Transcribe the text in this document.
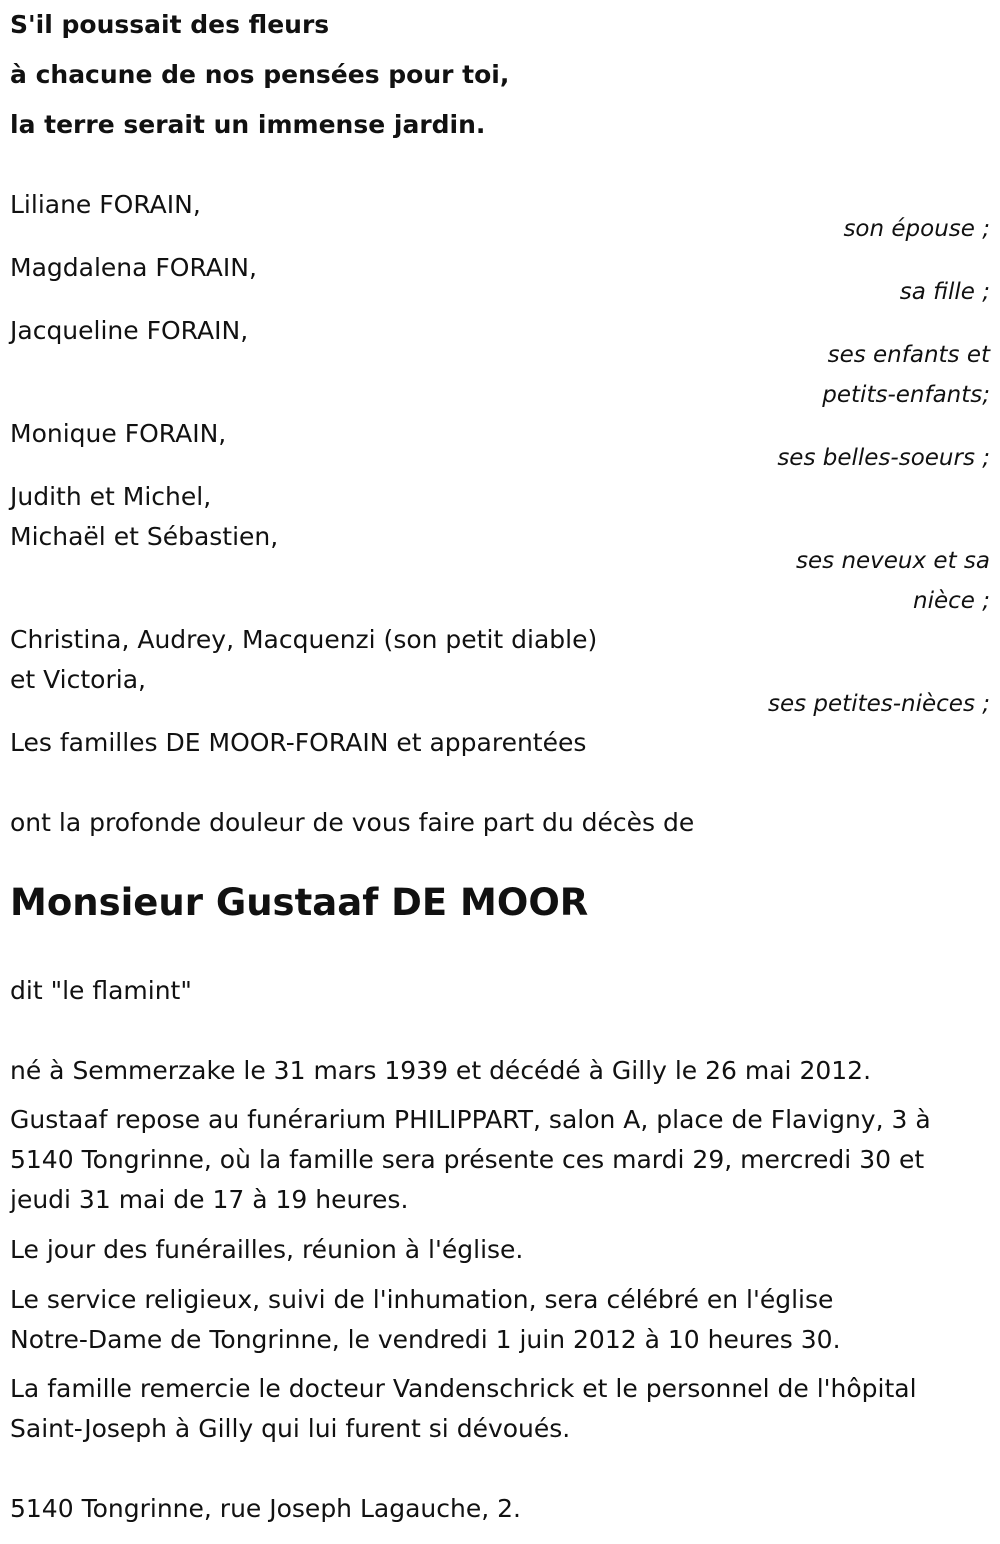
S'il poussait des fleurs
à chacune de nos pensées pour toi,
la terre serait un immense jardin.
Liliane FORAIN,
son épouse ;
Magdalena FORAIN,
sa fille ;
Jacqueline FORAIN,
ses enfants et
petits-enfants;
Monique FORAIN,
ses belles-soeurs ;
Judith et Michel,
Michaël et Sébastien,
ses neveux et sa
nièce ;
Christina, Audrey, Macquenzi (son petit diable)
et Victoria,
ses petites-nièces ;
Les familles DE MOOR-FORAIN et apparentées
ont la profonde douleur de vous faire part du décès de
Monsieur Gustaaf DE MOOR
dit "le flamint"
né à Semmerzake le 31 mars 1939 et décédé à Gilly le 26 mai 2012.
Gustaaf repose au funérarium PHILIPPART, salon A, place de Flavigny, 3 à
5140 Tongrinne, où la famille sera présente ces mardi 29, mercredi 30 et
jeudi 31 mai de 17 à 19 heures.
Le jour des funérailles, réunion à l'église.
Le service religieux, suivi de l'inhumation, sera célébré en l'église
Notre-Dame de Tongrinne, le vendredi 1 juin 2012 à 10 heures 30.
La famille remercie le docteur Vandenschrick et le personnel de l'hôpital
Saint-Joseph à Gilly qui lui furent si dévoués.
5140 Tongrinne, rue Joseph Lagauche, 2.
